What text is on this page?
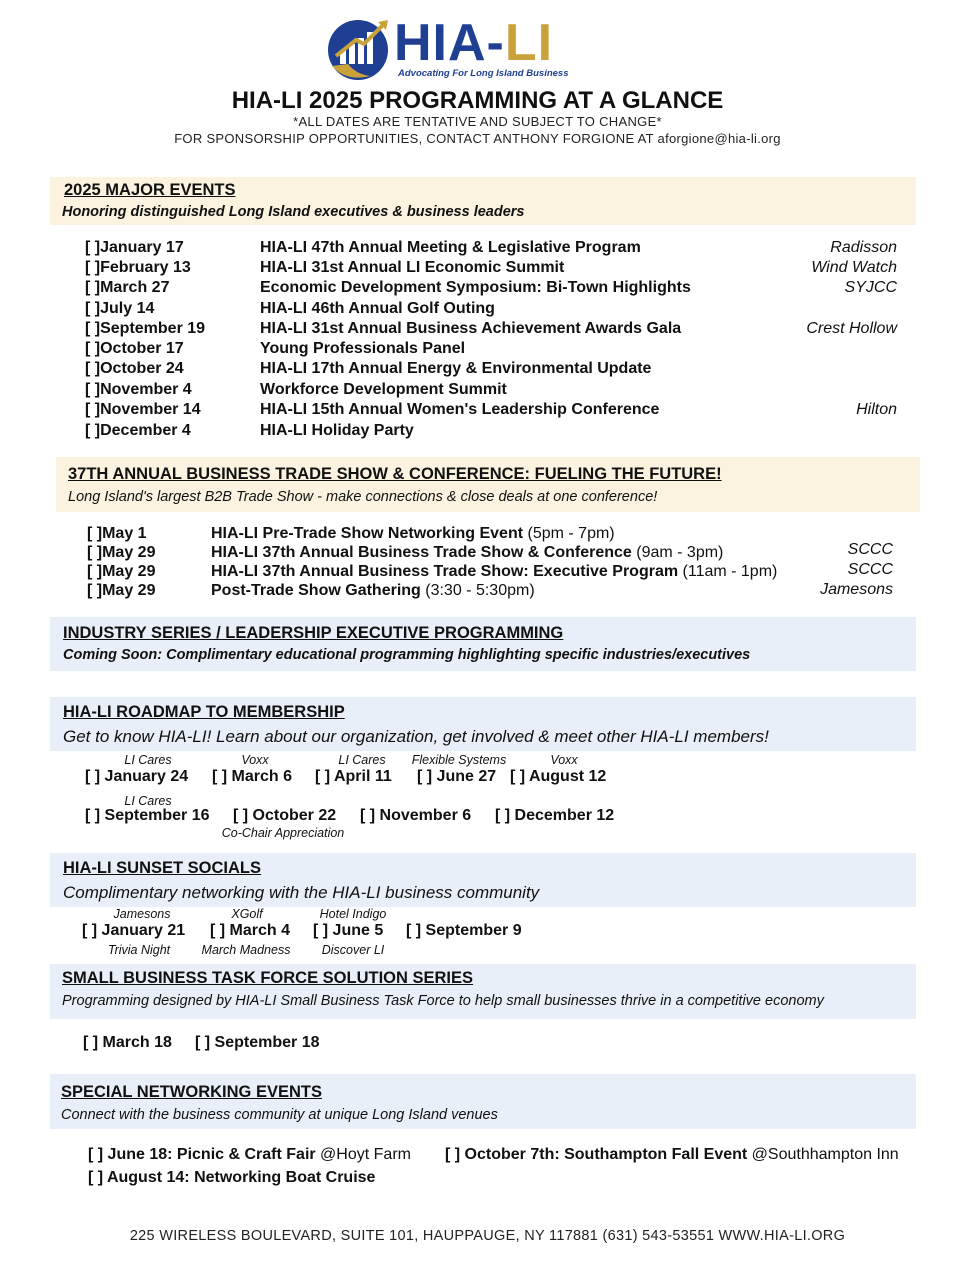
HIA-LI
Advocating For Long Island Business
HIA-LI 2025 PROGRAMMING AT A GLANCE
*ALL DATES ARE TENTATIVE AND SUBJECT TO CHANGE*
FOR SPONSORSHIP OPPORTUNITIES, CONTACT ANTHONY FORGIONE AT aforgione@hia-li.org
2025 MAJOR EVENTS
Honoring distinguished Long Island executives & business leaders
37TH ANNUAL BUSINESS TRADE SHOW & CONFERENCE: FUELING THE FUTURE!
Long Island's largest B2B Trade Show - make connections & close deals at one conference!
INDUSTRY SERIES / LEADERSHIP EXECUTIVE PROGRAMMING
Coming Soon: Complimentary educational programming highlighting specific industries/executives
HIA-LI ROADMAP TO MEMBERSHIP
Get to know HIA-LI! Learn about our organization, get involved & meet other HIA-LI members!
HIA-LI SUNSET SOCIALS
Complimentary networking with the HIA-LI business community
SMALL BUSINESS TASK FORCE SOLUTION SERIES
Programming designed by HIA-LI Small Business Task Force to help small businesses thrive in a competitive economy
[ ] March 18 [ ] September 18
SPECIAL NETWORKING EVENTS
Connect with the business community at unique Long Island venues
[ ] June 18: Picnic & Craft Fair @Hoyt Farm [ ] October 7th: Southampton Fall Event @Southhampton Inn
[ ] August 14: Networking Boat Cruise
225 WIRELESS BOULEVARD, SUITE 101, HAUPPAUGE, NY 117881 (631) 543-53551 WWW.HIA-LI.ORG
[ ]January 17	HIA-LI 47th Annual Meeting & Legislative Program	Radisson
[ ]February 13	HIA-LI 31st Annual LI Economic Summit	Wind Watch
[ ]March 27	Economic Development Symposium: Bi-Town Highlights	SYJCC
[ ]July 14	HIA-LI 46th Annual Golf Outing
[ ]September 19	HIA-LI 31st Annual Business Achievement Awards Gala	Crest Hollow
[ ]October 17	Young Professionals Panel
[ ]October 24	HIA-LI 17th Annual Energy & Environmental Update
[ ]November 4	Workforce Development Summit
[ ]November 14	HIA-LI 15th Annual Women's Leadership Conference	Hilton
[ ]December 4	HIA-LI Holiday Party
[ ]May 1	HIA-LI Pre-Trade Show Networking Event (5pm - 7pm)
[ ]May 29	HIA-LI 37th Annual Business Trade Show & Conference (9am - 3pm)	SCCC
[ ]May 29	HIA-LI 37th Annual Business Trade Show: Executive Program (11am - 1pm)	SCCC
[ ]May 29	Post-Trade Show Gathering (3:30 - 5:30pm)	Jamesons
[ ] January 24
LI Cares
[ ] March 6
Voxx
[ ] April 11
LI Cares
[ ] June 27
Flexible Systems
[ ] August 12
Voxx
[ ] September 16
LI Cares
[ ] October 22
Co-Chair Appreciation
[ ] November 6 [ ] December 12
[ ] January 21
Jamesons
Trivia Night
[ ] March 4
XGolf
March Madness
[ ] June 5
Hotel Indigo
Discover LI
[ ] September 9
